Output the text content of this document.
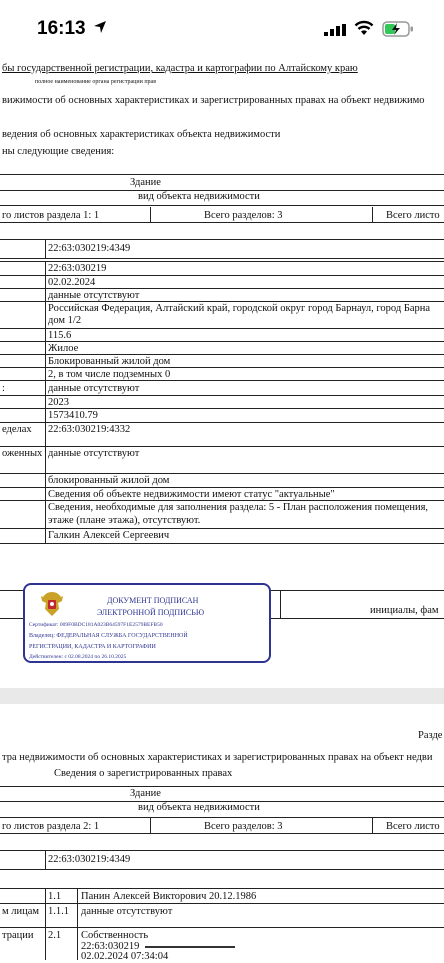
16:13
бы государственной регистрации, кадастра и картографии по Алтайскому краю
полное наименование органа регистрации прав
вижимости об основных характеристиках и зарегистрированных правах на объект недвижимо
ведения об основных характеристиках объекта недвижимости
ны следующие сведения:
Здание
вид объекта недвижимости
го листов раздела 1: 1	Всего разделов: 3	Всего листо
22:63:030219:4349
22:63:030219
02.02.2024
данные отсутствуют
Российская Федерация, Алтайский край, городской округ город Барнаул, город Барна
дом 1/2
115.6
Жилое
Блокированный жилой дом
2, в том числе подземных 0
:	данные отсутствуют
2023
1573410.79
еделах 22:63:030219:4332
оженных данные отсутствуют
блокированный жилой дом
Сведения об объекте недвижимости имеют статус "актуальные"
Сведения, необходимые для заполнения раздела: 5 - План расположения помещения,
этаже (плане этажа), отсутствуют.
Галкин Алексей Сергеевич
инициалы, фам
ДОКУМЕНТ ПОДПИСАН
ЭЛЕКТРОННОЙ ПОДПИСЬЮ
Сертификат: 009F0BDC181A023B64597F1E2579BEFB50
Владелец: ФЕДЕРАЛЬНАЯ СЛУЖБА ГОСУДАРСТВЕННОЙ
РЕГИСТРАЦИИ, КАДАСТРА И КАРТОГРАФИИ
Действителен: с 02.08.2024 по 26.10.2025
Разде
тра недвижимости об основных характеристиках и зарегистрированных правах на объект недви
Сведения о зарегистрированных правах
Здание
вид объекта недвижимости
го листов раздела 2: 1	Всего разделов: 3	Всего листо
22:63:030219:4349
1.1 Панин Алексей Викторович 20.12.1986
м лицам 1.1.1 данные отсутствуют
трации 2.1 Собственность
22:63:030219
02.02.2024 07:34:04
